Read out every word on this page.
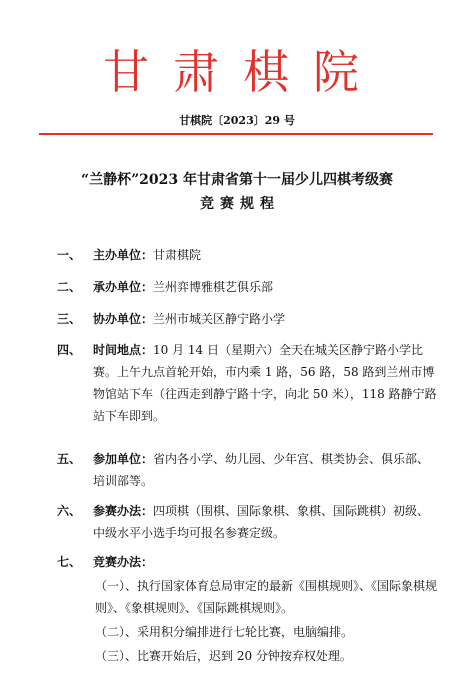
甘肃棋院
甘棋院〔2023〕29 号
“兰静杯”2023 年甘肃省第十一届少儿四棋考级赛
竞赛规程
一、 主办单位：甘肃棋院
二、 承办单位：兰州弈博雅棋艺俱乐部
三、 协办单位：兰州市城关区静宁路小学
四、 时间地点：10 月 14 日（星期六）全天在城关区静宁路小学比赛。上午九点首轮开始，市内乘 1 路，56 路，58 路到兰州市博物馆站下车（往西走到静宁路十字，向北 50 米），118 路静宁路站下车即到。
五、 参加单位：省内各小学、幼儿园、少年宫、棋类协会、俱乐部、培训部等。
六、 参赛办法：四项棋（围棋、国际象棋、象棋、国际跳棋）初级、中级水平小选手均可报名参赛定级。
七、 竞赛办法：
（一）、执行国家体育总局审定的最新《围棋规则》、《国际象棋规则》、《象棋规则》、《国际跳棋规则》。
（二）、采用积分编排进行七轮比赛，电脑编排。
（三）、比赛开始后，迟到 20 分钟按弃权处理。
